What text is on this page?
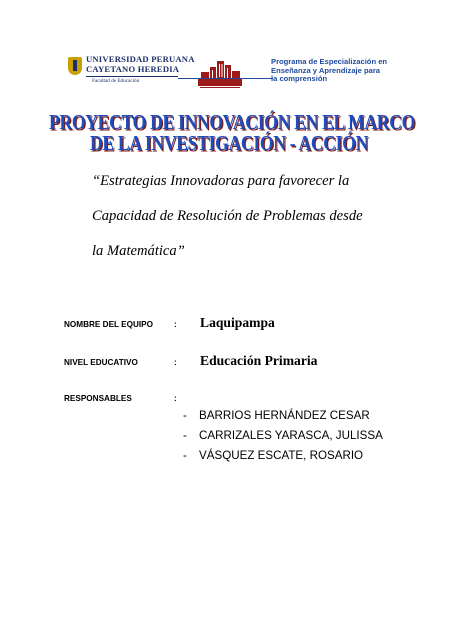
UNIVERSIDAD PERUANA
CAYETANO HEREDIA
Facultad de Educación
Programa de Especialización en
Enseñanza y Aprendizaje para
la comprensión
PROYECTO DE INNOVACIÓN EN EL MARCO
DE LA INVESTIGACIÓN - ACCIÓN
“Estrategias Innovadoras para favorecer la
Capacidad de Resolución de Problemas desde
la Matemática”
NOMBRE DEL EQUIPO	: Laquipampa
NIVEL EDUCATIVO	: Educación Primaria
RESPONSABLES	:
- BARRIOS HERNÁNDEZ CESAR
- CARRIZALES YARASCA, JULISSA
- VÁSQUEZ ESCATE, ROSARIO
